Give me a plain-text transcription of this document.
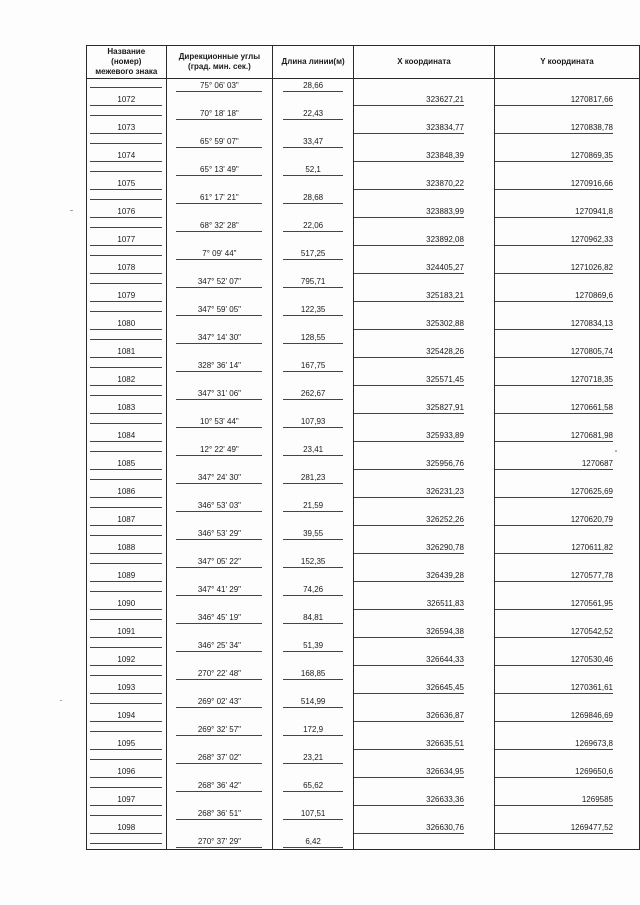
Название
(номер)
межевого знака	Дирекционные углы
(град. мин. сек.)	Длина линии(м)	X координата	Y координата
	75° 06' 03"	28,66		
1072			323627,21	1270817,66
	70° 18' 18"	22,43		
1073			323834,77	1270838,78
	65° 59' 07"	33,47		
1074			323848,39	1270869,35
	65° 13' 49"	52,1		
1075			323870,22	1270916,66
	61° 17' 21"	28,68		
1076			323883,99	1270941,8
	68° 32' 28"	22,06		
1077			323892,08	1270962,33
	7° 09' 44"	517,25		
1078			324405,27	1271026,82
	347° 52' 07"	795,71		
1079			325183,21	1270869,6
	347° 59' 05"	122,35		
1080			325302,88	1270834,13
	347° 14' 30"	128,55		
1081			325428,26	1270805,74
	328° 36' 14"	167,75		
1082			325571,45	1270718,35
	347° 31' 06"	262,67		
1083			325827,91	1270661,58
	10° 53' 44"	107,93		
1084			325933,89	1270681,98
	12° 22' 49"	23,41		
1085			325956,76	1270687
	347° 24' 30"	281,23		
1086			326231,23	1270625,69
	346° 53' 03"	21,59		
1087			326252,26	1270620,79
	346° 53' 29"	39,55		
1088			326290,78	1270611,82
	347° 05' 22"	152,35		
1089			326439,28	1270577,78
	347° 41' 29"	74,26		
1090			326511,83	1270561,95
	346° 45' 19"	84,81		
1091			326594,38	1270542,52
	346° 25' 34"	51,39		
1092			326644,33	1270530,46
	270° 22' 48"	168,85		
1093			326645,45	1270361,61
	269° 02' 43"	514,99		
1094			326636,87	1269846,69
	269° 32' 57"	172,9		
1095			326635,51	1269673,8
	268° 37' 02"	23,21		
1096			326634,95	1269650,6
	268° 36' 42"	65,62		
1097			326633,36	1269585
	268° 36' 51"	107,51		
1098			326630,76	1269477,52
	270° 37' 29"	6,42		
